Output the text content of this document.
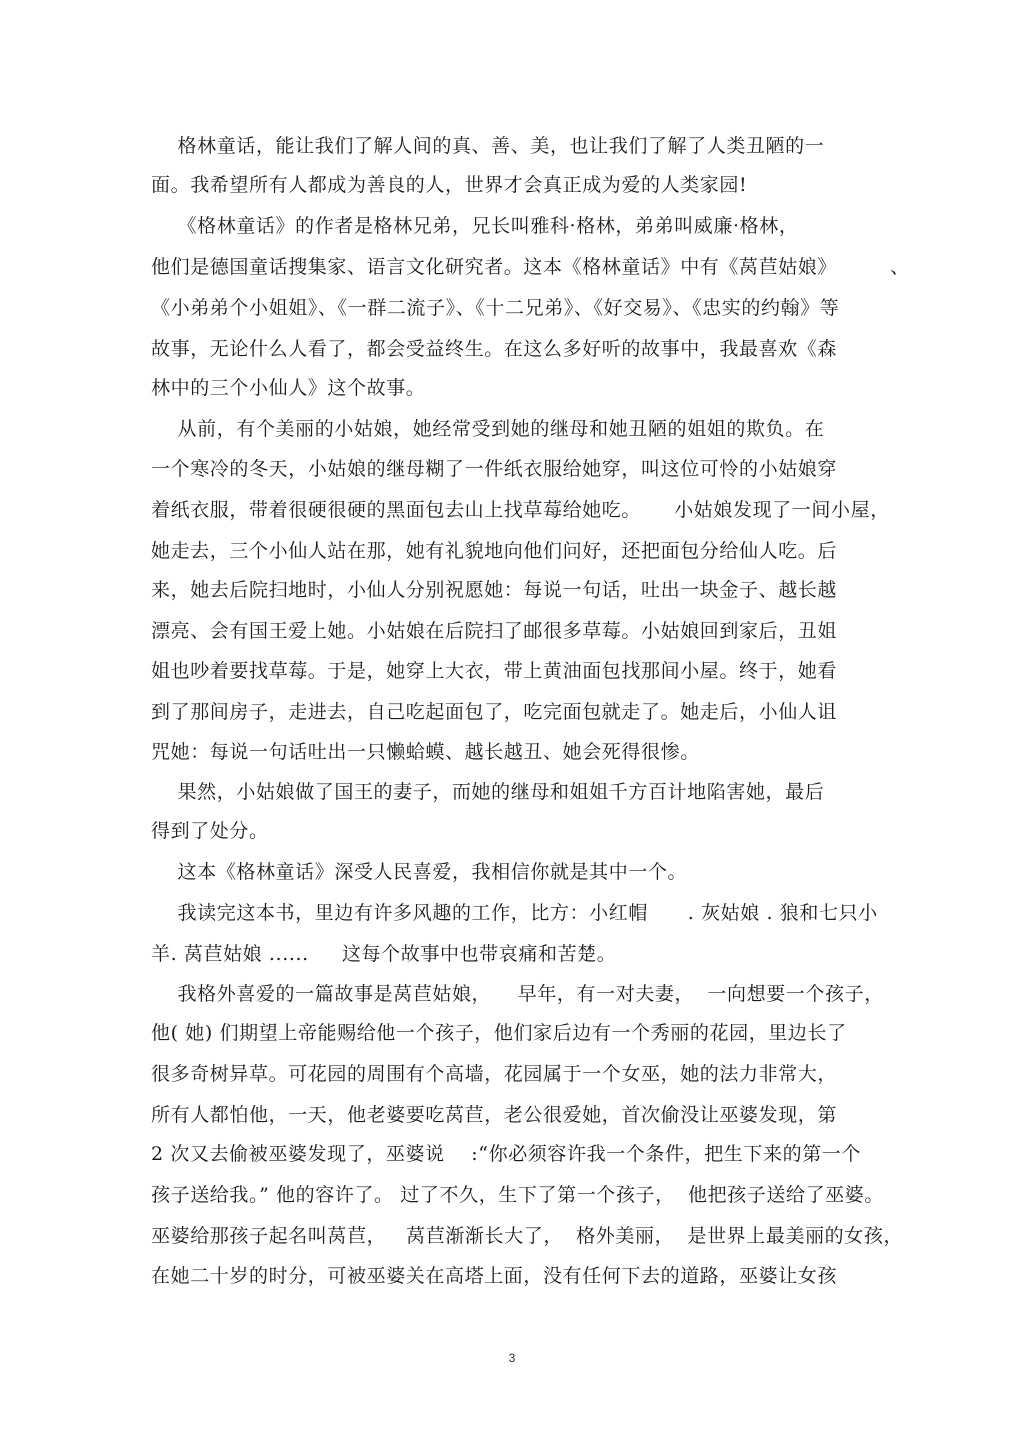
格林童话，能让我们了解人间的真、善、美，也让我们了解了人类丑陋的一
面。我希望所有人都成为善良的人，世界才会真正成为爱的人类家园!
《格林童话》的作者是格林兄弟，兄长叫雅科·格林，弟弟叫威廉·格林，
他们是德国童话搜集家、语言文化研究者。这本《格林童话》中有《莴苣姑娘》        、
《小弟弟个小姐姐》、《一群二流子》、《十二兄弟》、《好交易》、《忠实的约翰》等
故事，无论什么人看了，都会受益终生。在这么多好听的故事中，我最喜欢《森
林中的三个小仙人》这个故事。
从前，有个美丽的小姑娘，她经常受到她的继母和她丑陋的姐姐的欺负。在
一个寒冷的冬天，小姑娘的继母糊了一件纸衣服给她穿，叫这位可怜的小姑娘穿
着纸衣服，带着很硬很硬的黑面包去山上找草莓给她吃。     小姑娘发现了一间小屋，
她走去，三个小仙人站在那，她有礼貌地向他们问好，还把面包分给仙人吃。后
来，她去后院扫地时，小仙人分别祝愿她：每说一句话，吐出一块金子、越长越
漂亮、会有国王爱上她。小姑娘在后院扫了邮很多草莓。小姑娘回到家后，丑姐
姐也吵着要找草莓。于是，她穿上大衣，带上黄油面包找那间小屋。终于，她看
到了那间房子，走进去，自己吃起面包了，吃完面包就走了。她走后，小仙人诅
咒她：每说一句话吐出一只懒蛤蟆、越长越丑、她会死得很惨。
果然，小姑娘做了国王的妻子，而她的继母和姐姐千方百计地陷害她，最后
得到了处分。
这本《格林童话》深受人民喜爱，我相信你就是其中一个。
我读完这本书，里边有许多风趣的工作，比方：小红帽      . 灰姑娘 . 狼和七只小
羊. 莴苣姑娘 ......     这每个故事中也带哀痛和苦楚。
我格外喜爱的一篇故事是莴苣姑娘，    早年，有一对夫妻，  一向想要一个孩子，
他( 她) 们期望上帝能赐给他一个孩子，他们家后边有一个秀丽的花园，里边长了
很多奇树异草。可花园的周围有个高墙，花园属于一个女巫，她的法力非常大，
所有人都怕他，一天，他老婆要吃莴苣，老公很爱她，首次偷没让巫婆发现，第
2 次又去偷被巫婆发现了，巫婆说    :“你必须容许我一个条件，把生下来的第一个
孩子送给我。” 他的容许了。 过了不久，生下了第一个孩子，  他把孩子送给了巫婆。
巫婆给那孩子起名叫莴苣，   莴苣渐渐长大了，  格外美丽，  是世界上最美丽的女孩，
在她二十岁的时分，可被巫婆关在高塔上面，没有任何下去的道路，巫婆让女孩
3
